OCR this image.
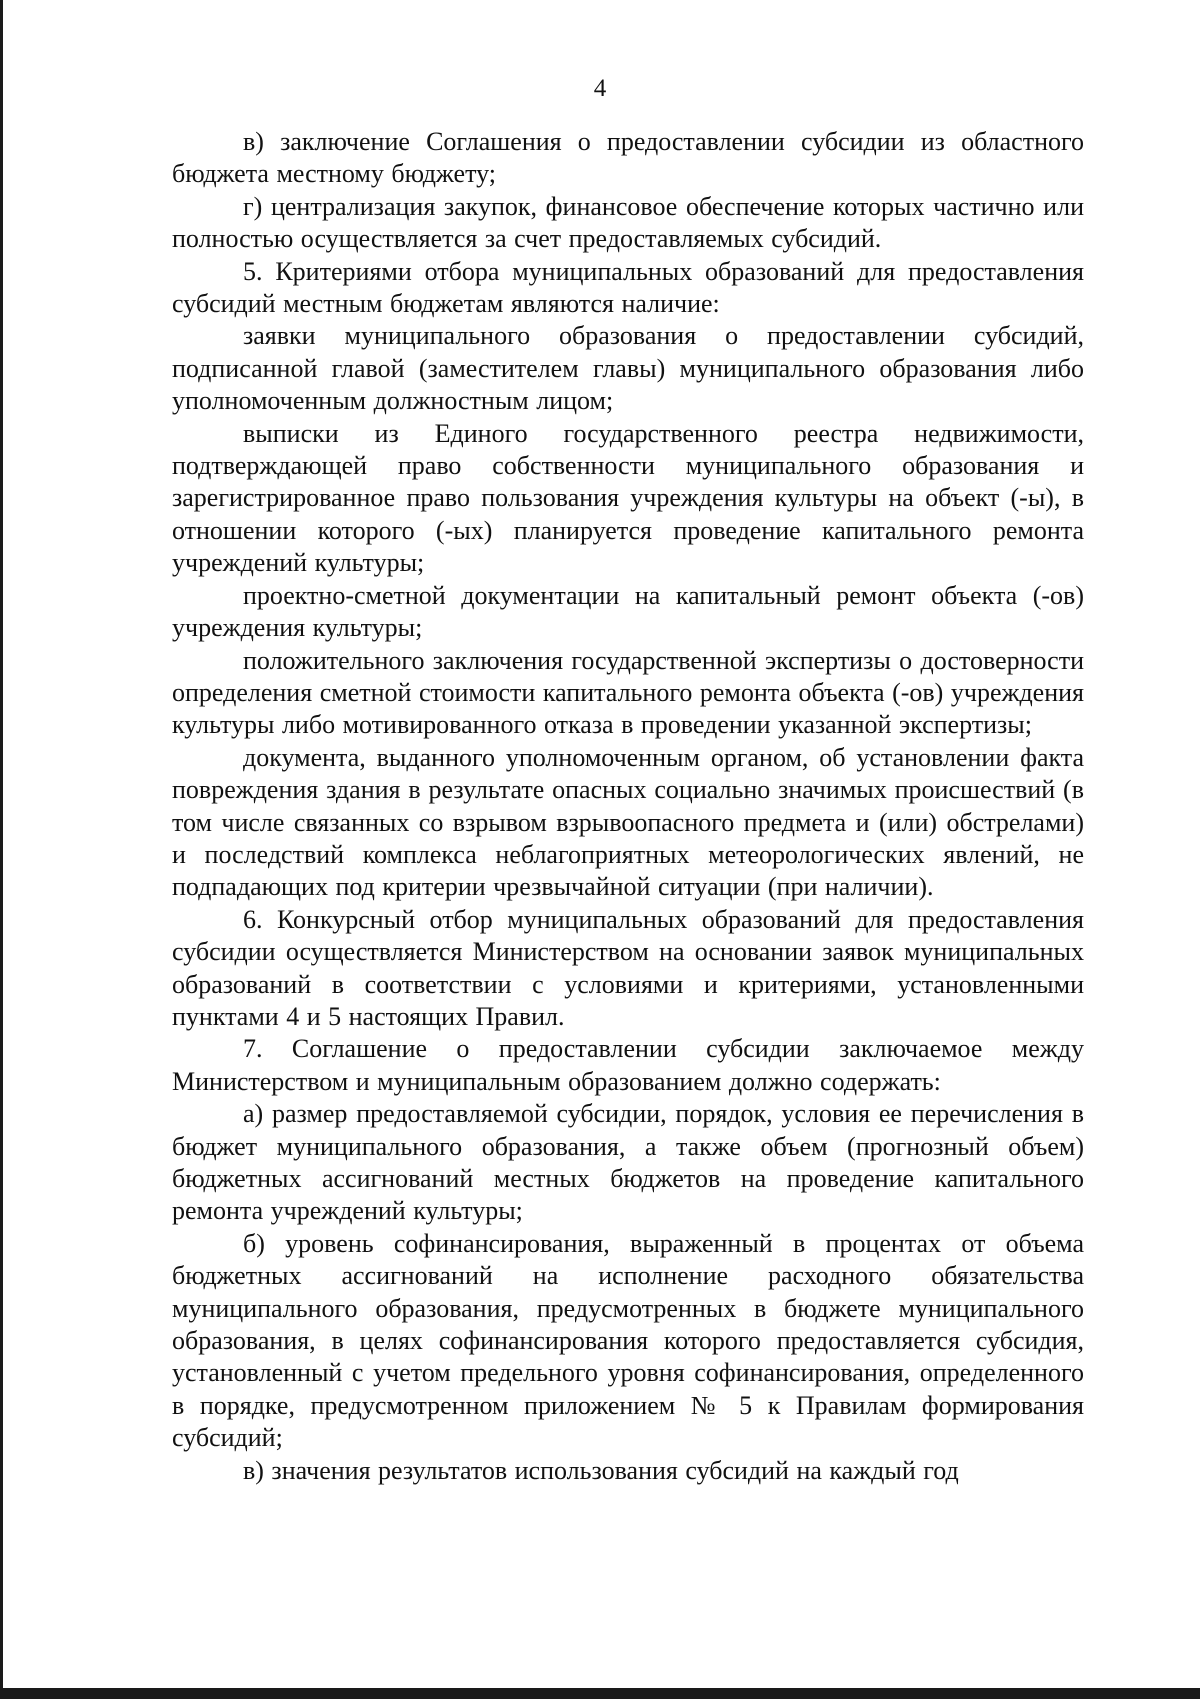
4

в) заключение Соглашения о предоставлении субсидии из областного бюджета местному бюджету;

г) централизация закупок, финансовое обеспечение которых частично или полностью осуществляется за счет предоставляемых субсидий.

5. Критериями отбора муниципальных образований для предоставления субсидий местным бюджетам являются наличие:

заявки муниципального образования о предоставлении субсидий, подписанной главой (заместителем главы) муниципального образования либо уполномоченным должностным лицом;

выписки из Единого государственного реестра недвижимости, подтверждающей право собственности муниципального образования и зарегистрированное право пользования учреждения культуры на объект (-ы), в отношении которого (-ых) планируется проведение капитального ремонта учреждений культуры;

проектно-сметной документации на капитальный ремонт объекта (-ов) учреждения культуры;

положительного заключения государственной экспертизы о достоверности определения сметной стоимости капитального ремонта объекта (-ов) учреждения культуры либо мотивированного отказа в проведении указанной экспертизы;

документа, выданного уполномоченным органом, об установлении факта повреждения здания в результате опасных социально значимых происшествий (в том числе связанных со взрывом взрывоопасного предмета и (или) обстрелами) и последствий комплекса неблагоприятных метеорологических явлений, не подпадающих под критерии чрезвычайной ситуации (при наличии).

6. Конкурсный отбор муниципальных образований для предоставления субсидии осуществляется Министерством на основании заявок муниципальных образований в соответствии с условиями и критериями, установленными пунктами 4 и 5 настоящих Правил.

7. Соглашение о предоставлении субсидии заключаемое между Министерством и муниципальным образованием должно содержать:

а) размер предоставляемой субсидии, порядок, условия ее перечисления в бюджет муниципального образования, а также объем (прогнозный объем) бюджетных ассигнований местных бюджетов на проведение капитального ремонта учреждений культуры;

б) уровень софинансирования, выраженный в процентах от объема бюджетных ассигнований на исполнение расходного обязательства муниципального образования, предусмотренных в бюджете муниципального образования, в целях софинансирования которого предоставляется субсидия, установленный с учетом предельного уровня софинансирования, определенного в порядке, предусмотренном приложением № 5 к Правилам формирования субсидий;

в) значения результатов использования субсидий на каждый год
